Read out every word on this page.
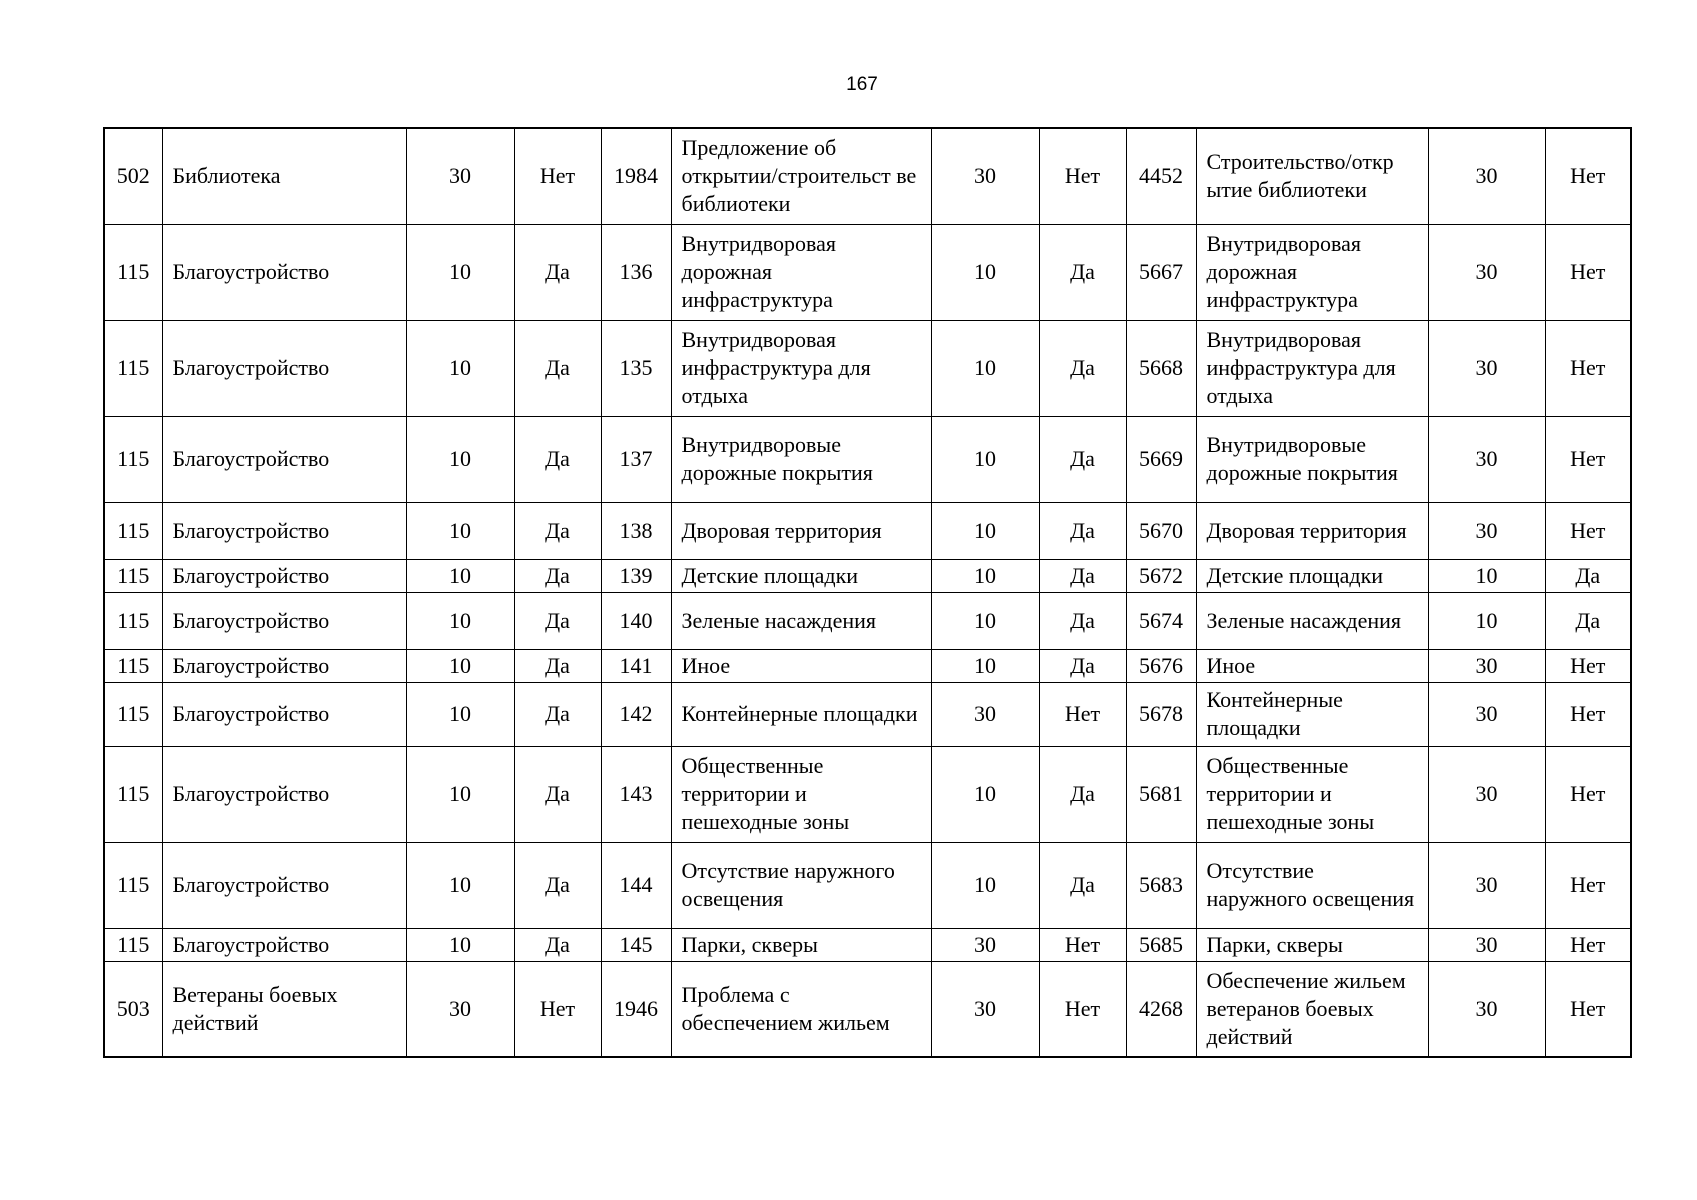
167
502	Библиотека	30	Нет	1984	Предложение об открытии/строительст ве библиотеки	30	Нет	4452	Строительство/откр ытие библиотеки	30	Нет
115	Благоустройство	10	Да	136	Внутридворовая дорожная инфраструктура	10	Да	5667	Внутридворовая дорожная инфраструктура	30	Нет
115	Благоустройство	10	Да	135	Внутридворовая инфраструктура для отдыха	10	Да	5668	Внутридворовая инфраструктура для отдыха	30	Нет
115	Благоустройство	10	Да	137	Внутридворовые дорожные покрытия	10	Да	5669	Внутридворовые дорожные покрытия	30	Нет
115	Благоустройство	10	Да	138	Дворовая территория	10	Да	5670	Дворовая территория	30	Нет
115	Благоустройство	10	Да	139	Детские площадки	10	Да	5672	Детские площадки	10	Да
115	Благоустройство	10	Да	140	Зеленые насаждения	10	Да	5674	Зеленые насаждения	10	Да
115	Благоустройство	10	Да	141	Иное	10	Да	5676	Иное	30	Нет
115	Благоустройство	10	Да	142	Контейнерные площадки	30	Нет	5678	Контейнерные площадки	30	Нет
115	Благоустройство	10	Да	143	Общественные территории и пешеходные зоны	10	Да	5681	Общественные территории и пешеходные зоны	30	Нет
115	Благоустройство	10	Да	144	Отсутствие наружного освещения	10	Да	5683	Отсутствие наружного освещения	30	Нет
115	Благоустройство	10	Да	145	Парки, скверы	30	Нет	5685	Парки, скверы	30	Нет
503	Ветераны боевых действий	30	Нет	1946	Проблема с обеспечением жильем	30	Нет	4268	Обеспечение жильем ветеранов боевых действий	30	Нет
